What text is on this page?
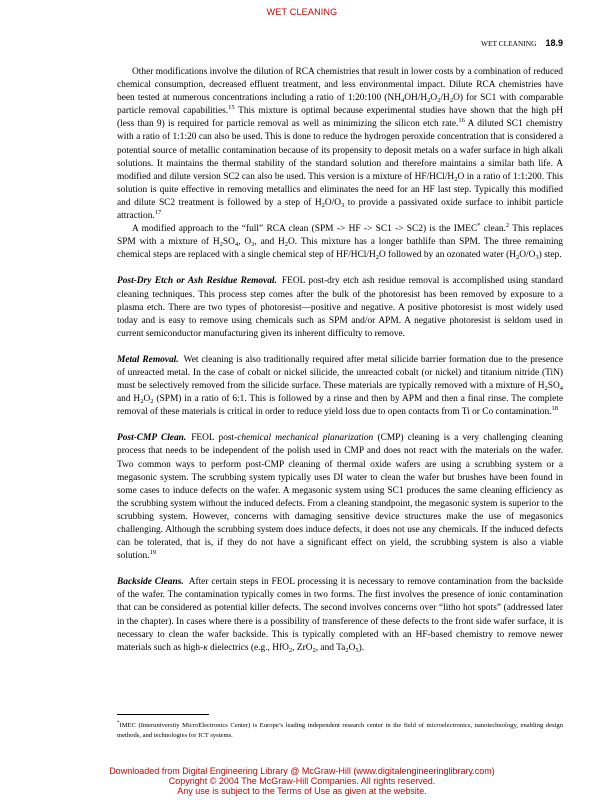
WET CLEANING
WET CLEANING 18.9

Other modifications involve the dilution of RCA chemistries that result in lower costs by a combination of reduced chemical consumption, decreased effluent treatment, and less environmental impact. Dilute RCA chemistries have been tested at numerous concentrations including a ratio of 1:20:100 $(NH_4OH/H_2O_2/H_2O)$ for SC1 with comparable particle removal capabilities.$^{15}$ This mixture is optimal because experimental studies have shown that the high pH (less than 9) is required for particle removal as well as minimizing the silicon etch rate.$^{16}$ A diluted SC1 chemistry with a ratio of 1:1:20 can also be used. This is done to reduce the hydrogen peroxide concentration that is considered a potential source of metallic contamination because of its propensity to deposit metals on a wafer surface in high alkali solutions. It maintains the thermal stability of the standard solution and therefore maintains a similar bath life. A modified and dilute version SC2 can also be used. This version is a mixture of $HF/HCl/H_2O$ in a ratio of 1:1:200. This solution is quite effective in removing metallics and eliminates the need for an HF last step. Typically this modified and dilute SC2 treatment is followed by a step of $H_2O/O_3$ to provide a passivated oxide surface to inhibit particle attraction.$^{17}$

A modified approach to the “full” RCA clean (SPM -> HF -> SC1 -> SC2) is the IMEC* clean.$^2$ This replaces SPM with a mixture of $H_2SO_4$, $O_3$, and $H_2O$. This mixture has a longer bathlife than SPM. The three remaining chemical steps are replaced with a single chemical step of $HF/HCl/H_2O$ followed by an ozonated water $(H_2O/O_3)$ step.

Post-Dry Etch or Ash Residue Removal. FEOL post-dry etch ash residue removal is accomplished using standard cleaning techniques. This process step comes after the bulk of the photoresist has been removed by exposure to a plasma etch. There are two types of photoresist—positive and negative. A positive photoresist is most widely used today and is easy to remove using chemicals such as SPM and/or APM. A negative photoresist is seldom used in current semiconductor manufacturing given its inherent difficulty to remove.

Metal Removal. Wet cleaning is also traditionally required after metal silicide barrier formation due to the presence of unreacted metal. In the case of cobalt or nickel silicide, the unreacted cobalt (or nickel) and titanium nitride (TiN) must be selectively removed from the silicide surface. These materials are typically removed with a mixture of $H_2SO_4$ and $H_2O_2$ (SPM) in a ratio of 6:1. This is followed by a rinse and then by APM and then a final rinse. The complete removal of these materials is critical in order to reduce yield loss due to open contacts from Ti or Co contamination.$^{18}$

Post-CMP Clean. FEOL post-chemical mechanical planarization (CMP) cleaning is a very challenging cleaning process that needs to be independent of the polish used in CMP and does not react with the materials on the wafer. Two common ways to perform post-CMP cleaning of thermal oxide wafers are using a scrubbing system or a megasonic system. The scrubbing system typically uses DI water to clean the wafer but brushes have been found in some cases to induce defects on the wafer. A megasonic system using SC1 produces the same cleaning efficiency as the scrubbing system without the induced defects. From a cleaning standpoint, the megasonic system is superior to the scrubbing system. However, concerns with damaging sensitive device structures make the use of megasonics challenging. Although the scrubbing system does induce defects, it does not use any chemicals. If the induced defects can be tolerated, that is, if they do not have a significant effect on yield, the scrubbing system is also a viable solution.$^{19}$

Backside Cleans. After certain steps in FEOL processing it is necessary to remove contamination from the backside of the wafer. The contamination typically comes in two forms. The first involves the presence of ionic contamination that can be considered as potential killer defects. The second involves concerns over “litho hot spots” (addressed later in the chapter). In cases where there is a possibility of transference of these defects to the front side wafer surface, it is necessary to clean the wafer backside. This is typically completed with an HF-based chemistry to remove newer materials such as high-κ dielectrics (e.g., HfO$_2$, ZrO$_2$, and $Ta_2O_5$).

*IMEC (Interuniversity MicroElectronics Center) is Europe’s leading independent research center in the field of microelectronics, nanotechnology, enabling design methods, and technologies for ICT systems.
Downloaded from Digital Engineering Library @ McGraw-Hill (www.digitalengineeringlibrary.com)
Copyright © 2004 The McGraw-Hill Companies. All rights reserved.
Any use is subject to the Terms of Use as given at the website.
